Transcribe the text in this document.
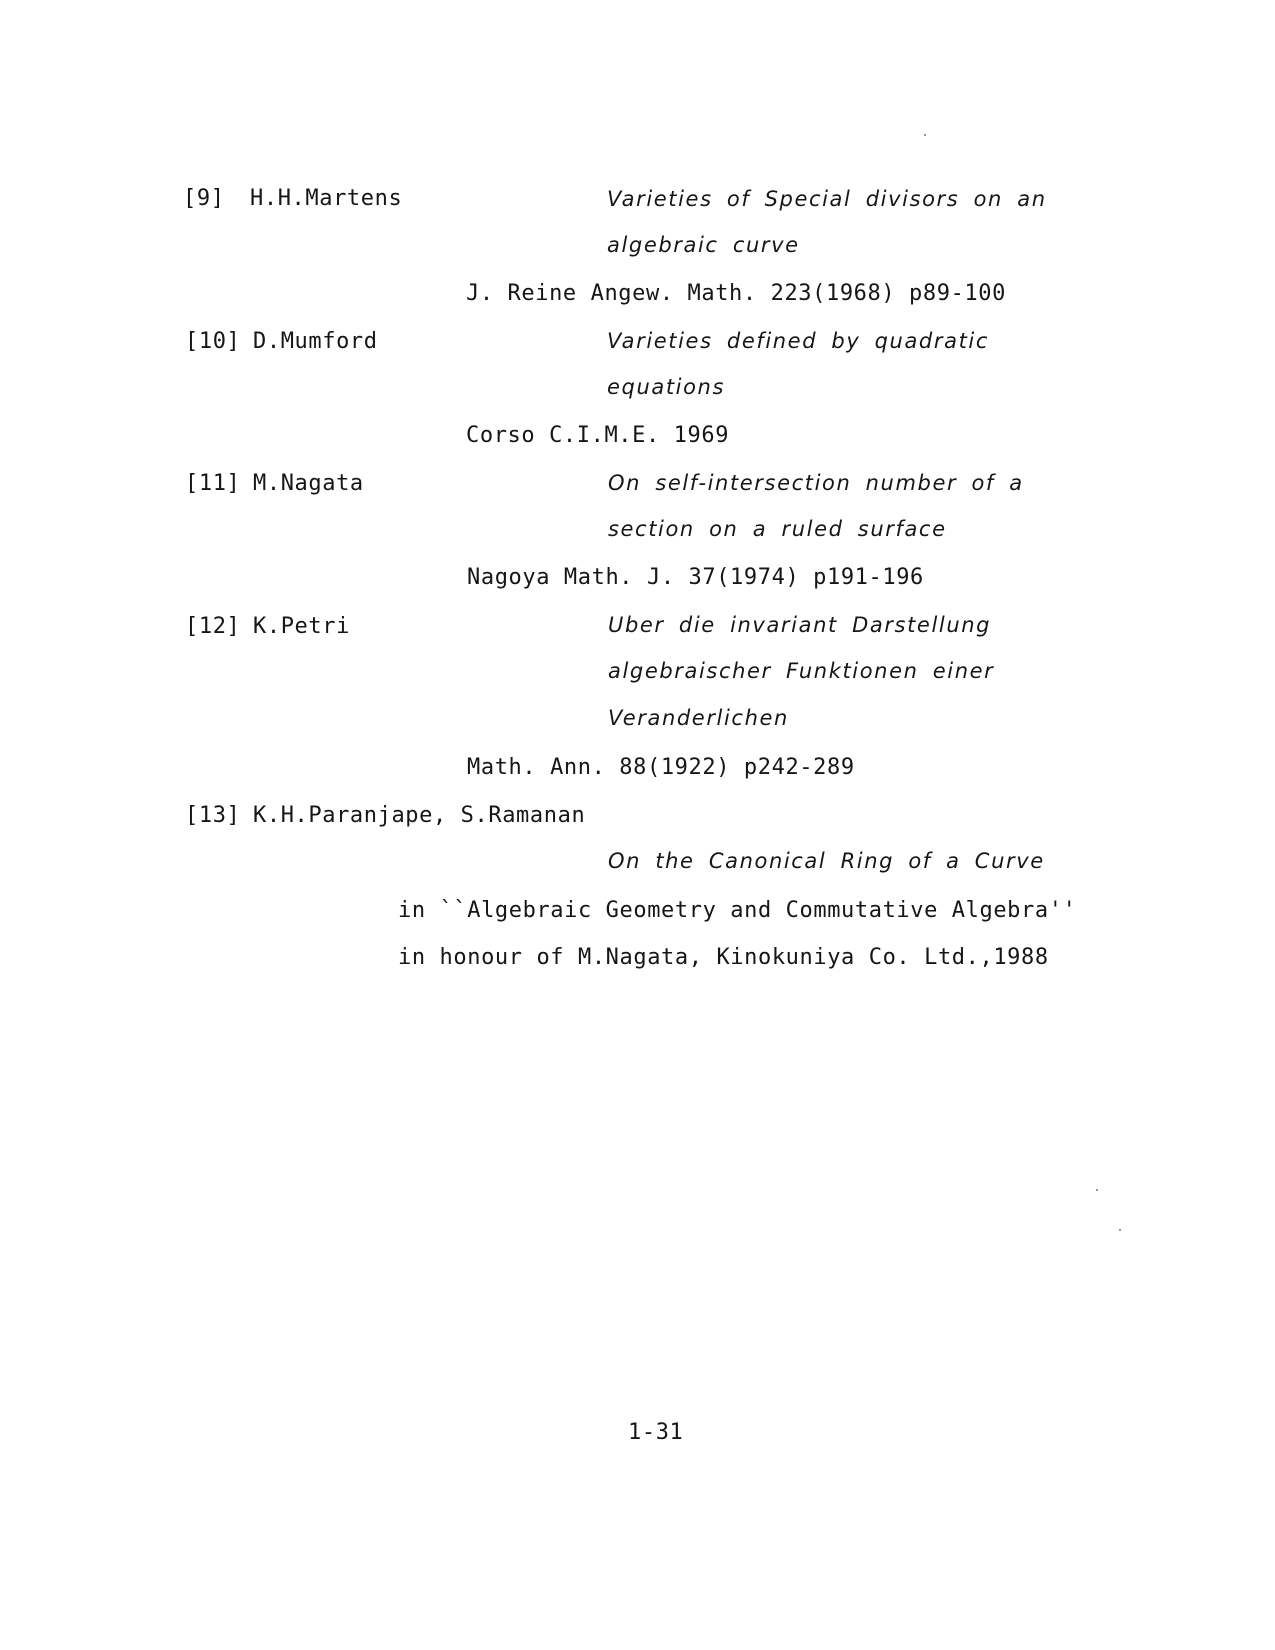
[9] H.H.Martens	Varieties of Special divisors on an
algebraic curve
J. Reine Angew. Math. 223(1968) p89-100
[10] D.Mumford	Varieties defined by quadratic
equations
Corso C.I.M.E. 1969
[11] M.Nagata	On self-intersection number of a
section on a ruled surface
Nagoya Math. J. 37(1974) p191-196
[12] K.Petri	Uber die invariant Darstellung
algebraischer Funktionen einer
Veranderlichen
Math. Ann. 88(1922) p242-289
[13] K.H.Paranjape, S.Ramanan
On the Canonical Ring of a Curve
in ``Algebraic Geometry and Commutative Algebra''
in honour of M.Nagata, Kinokuniya Co. Ltd.,1988
1-31
